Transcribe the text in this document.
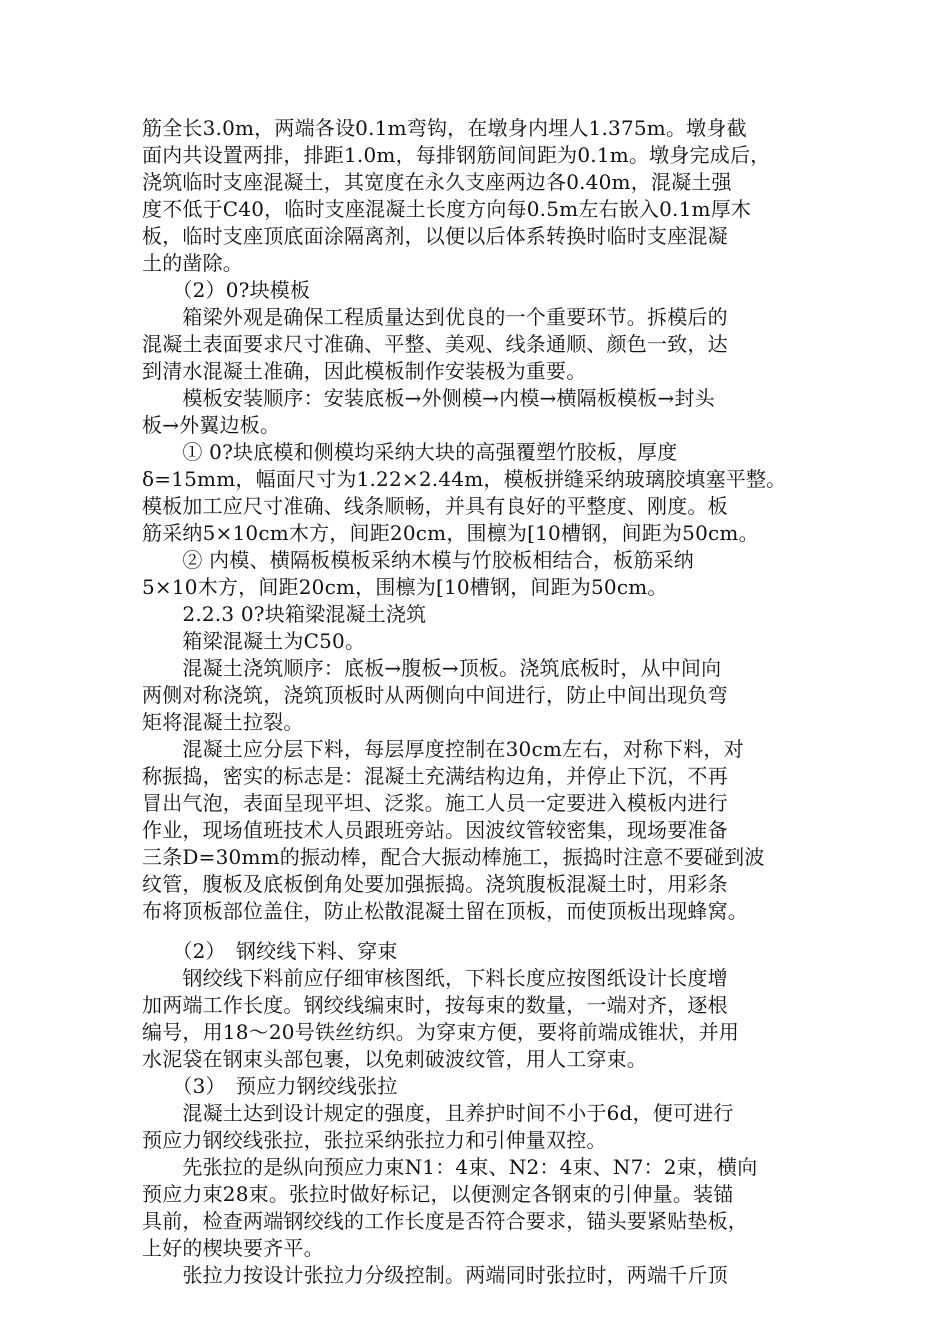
筋全长3.0m，两端各设0.1m弯钩，在墩身内埋人1.375m。墩身截
面内共设置两排，排距1.0m，每排钢筋间间距为0.1m。墩身完成后，
浇筑临时支座混凝土，其宽度在永久支座两边各0.40m，混凝土强
度不低于C40，临时支座混凝土长度方向每0.5m左右嵌入0.1m厚木
板，临时支座顶底面涂隔离剂，以便以后体系转换时临时支座混凝
土的凿除。
　　（2）0?块模板
　　箱梁外观是确保工程质量达到优良的一个重要环节。拆模后的
混凝土表面要求尺寸准确、平整、美观、线条通顺、颜色一致，达
到清水混凝土准确，因此模板制作安装极为重要。
　　模板安装顺序：安装底板→外侧模→内模→横隔板模板→封头
板→外翼边板。
　　① 0?块底模和侧模均采纳大块的高强覆塑竹胶板，厚度
δ=15mm，幅面尺寸为1.22×2.44m，模板拼缝采纳玻璃胶填塞平整。
模板加工应尺寸准确、线条顺畅，并具有良好的平整度、刚度。板
筋采纳5×10cm木方，间距20cm，围檩为[10槽钢，间距为50cm。
　　② 内模、横隔板模板采纳木模与竹胶板相结合，板筋采纳
5×10木方，间距20cm，围檩为[10槽钢，间距为50cm。
　　2.2.3 0?块箱梁混凝土浇筑
　　箱梁混凝土为C50。
　　混凝土浇筑顺序：底板→腹板→顶板。浇筑底板时，从中间向
两侧对称浇筑，浇筑顶板时从两侧向中间进行，防止中间出现负弯
矩将混凝土拉裂。
　　混凝土应分层下料，每层厚度控制在30cm左右，对称下料，对
称振捣，密实的标志是：混凝土充满结构边角，并停止下沉，不再
冒出气泡，表面呈现平坦、泛浆。施工人员一定要进入模板内进行
作业，现场值班技术人员跟班旁站。因波纹管较密集，现场要准备
三条D=30mm的振动棒，配合大振动棒施工，振捣时注意不要碰到波
纹管，腹板及底板倒角处要加强振捣。浇筑腹板混凝土时，用彩条
布将顶板部位盖住，防止松散混凝土留在顶板，而使顶板出现蜂窝。
　　（2）　钢绞线下料、穿束
　　钢绞线下料前应仔细审核图纸，下料长度应按图纸设计长度增
加两端工作长度。钢绞线编束时，按每束的数量，一端对齐，逐根
编号，用18～20号铁丝纺织。为穿束方便，要将前端成锥状，并用
水泥袋在钢束头部包裹，以免刺破波纹管，用人工穿束。
　　（3）　预应力钢绞线张拉
　　混凝土达到设计规定的强度，且养护时间不小于6d，便可进行
预应力钢绞线张拉，张拉采纳张拉力和引伸量双控。
　　先张拉的是纵向预应力束N1：4束、N2：4束、N7：2束，横向
预应力束28束。张拉时做好标记，以便测定各钢束的引伸量。装锚
具前，检查两端钢绞线的工作长度是否符合要求，锚头要紧贴垫板，
上好的楔块要齐平。
　　张拉力按设计张拉力分级控制。两端同时张拉时，两端千斤顶
